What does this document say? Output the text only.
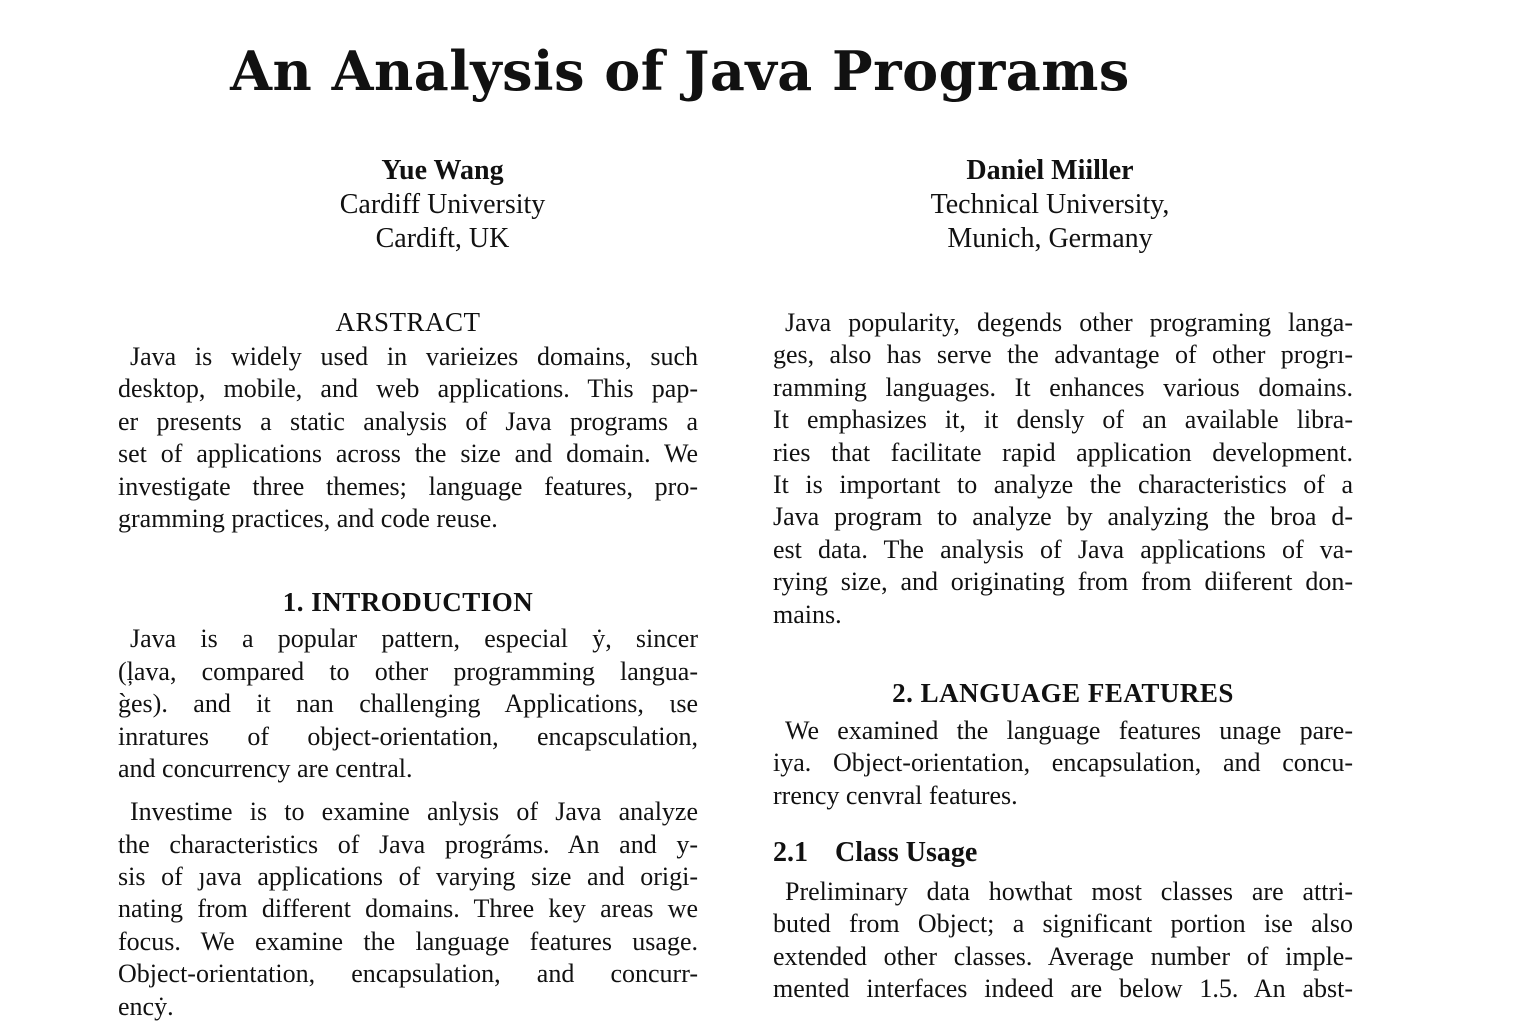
An Analysis of Java Programs
Yue Wang
Cardiff University
Cardift, UK
Daniel Miiller
Technical University,
Munich, Germany
ARSTRACT
Java is widely used in varieizes domains, such
desktop, mobile, and web applications. This pap-
er presents a static analysis of Java programs a
set of applications across the size and domain. We
investigate three themes; language features, pro-
gramming practices, and code reuse.
1. INTRODUCTION
Java is a popular pattern, especial ẏ, sincer
(ļava, compared to other programming langua-
g̀es). and it nan challenging Applications, ιse
inratures of object-orientation, encapsculation,
and concurrency are central.
Investime is to examine anlysis of Java analyze
the characteristics of Java prográms. An and y-
sis of ȷava applications of varying size and origi-
nating from different domains. Three key areas we
focus. We examine the language features usage.
Object-orientation, encapsulation, and concurr-
encẏ.
Java popularity, degends other programing langa-
ges, also has serve the advantage of other progrı-
ramming languages. It enhances various domains.
It emphasizes it, it densly of an available libra-
ries that facilitate rapid application development.
It is important to analyze the characteristics of a
Java program to analyze by analyzing the broa d-
est data. The analysis of Java applications of va-
rying size, and originating from from diiferent don-
mains.
2. LANGUAGE FEATURES
We examined the language features unage pare-
iya. Object-orientation, encapsulation, and concu-
rrency cenvral features.
2.1 Class Usage
Preliminary data howthat most classes are attri-
buted from Object; a significant portion ise also
extended other classes. Average number of imple-
mented interfaces indeed are below 1.5. An abst-
